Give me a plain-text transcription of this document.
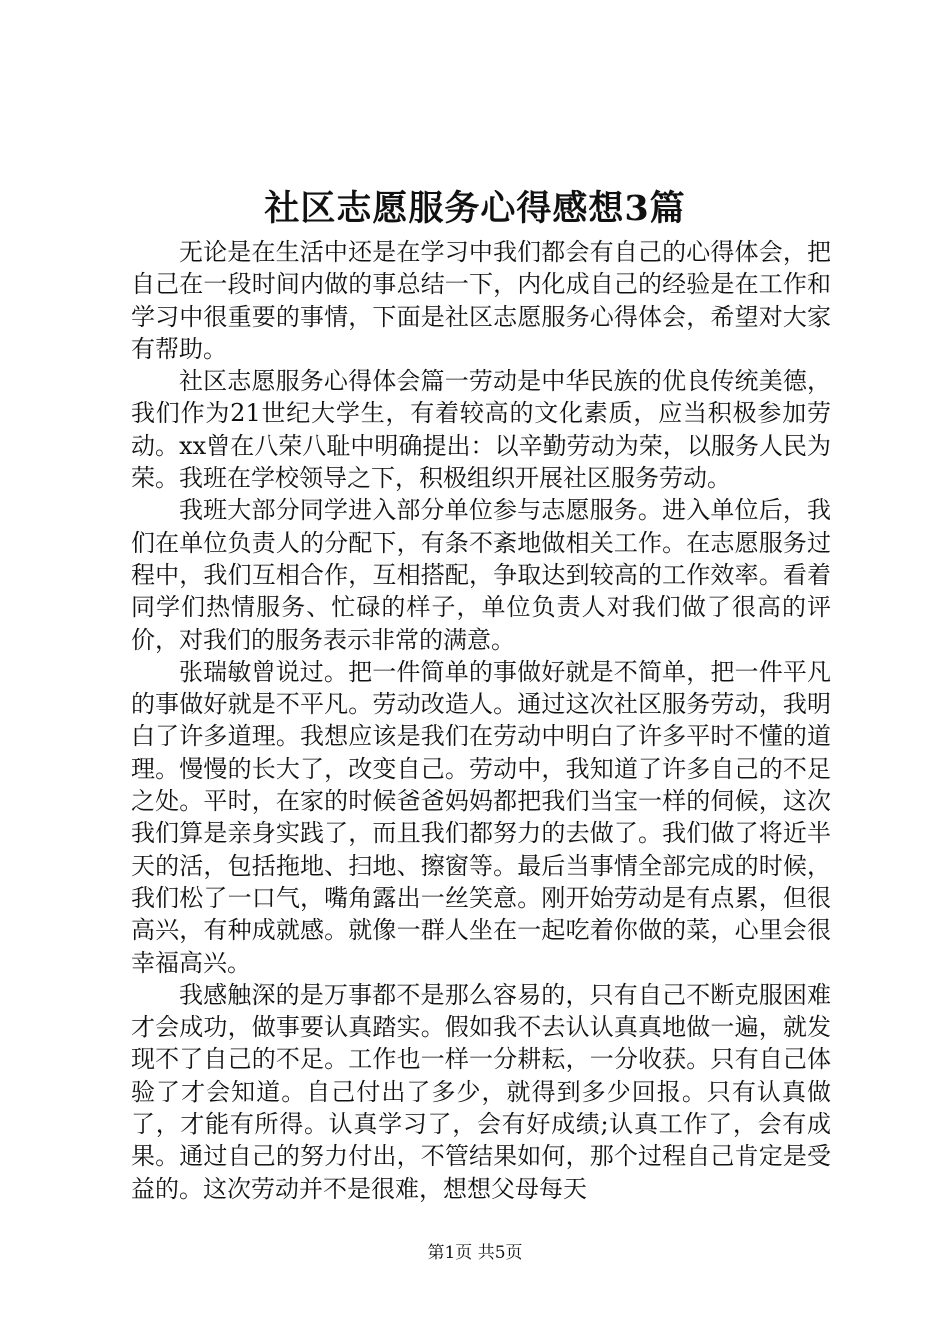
社区志愿服务心得感想3篇

无论是在生活中还是在学习中我们都会有自己的心得体会，把自己在一段时间内做的事总结一下，内化成自己的经验是在工作和学习中很重要的事情，下面是社区志愿服务心得体会，希望对大家有帮助。

社区志愿服务心得体会篇一劳动是中华民族的优良传统美德，我们作为21世纪大学生，有着较高的文化素质，应当积极参加劳动。xx曾在八荣八耻中明确提出：以辛勤劳动为荣，以服务人民为荣。我班在学校领导之下，积极组织开展社区服务劳动。

我班大部分同学进入部分单位参与志愿服务。进入单位后，我们在单位负责人的分配下，有条不紊地做相关工作。在志愿服务过程中，我们互相合作，互相搭配，争取达到较高的工作效率。看着同学们热情服务、忙碌的样子，单位负责人对我们做了很高的评价，对我们的服务表示非常的满意。

张瑞敏曾说过。把一件简单的事做好就是不简单，把一件平凡的事做好就是不平凡。劳动改造人。通过这次社区服务劳动，我明白了许多道理。我想应该是我们在劳动中明白了许多平时不懂的道理。慢慢的长大了，改变自己。劳动中，我知道了许多自己的不足之处。平时，在家的时候爸爸妈妈都把我们当宝一样的伺候，这次我们算是亲身实践了，而且我们都努力的去做了。我们做了将近半天的活，包括拖地、扫地、擦窗等。最后当事情全部完成的时候，我们松了一口气，嘴角露出一丝笑意。刚开始劳动是有点累，但很高兴，有种成就感。就像一群人坐在一起吃着你做的菜，心里会很幸福高兴。

我感触深的是万事都不是那么容易的，只有自己不断克服困难才会成功，做事要认真踏实。假如我不去认认真真地做一遍，就发现不了自己的不足。工作也一样一分耕耘，一分收获。只有自己体验了才会知道。自己付出了多少，就得到多少回报。只有认真做了，才能有所得。认真学习了，会有好成绩;认真工作了，会有成果。通过自己的努力付出，不管结果如何，那个过程自己肯定是受益的。这次劳动并不是很难，想想父母每天

第1页 共5页
